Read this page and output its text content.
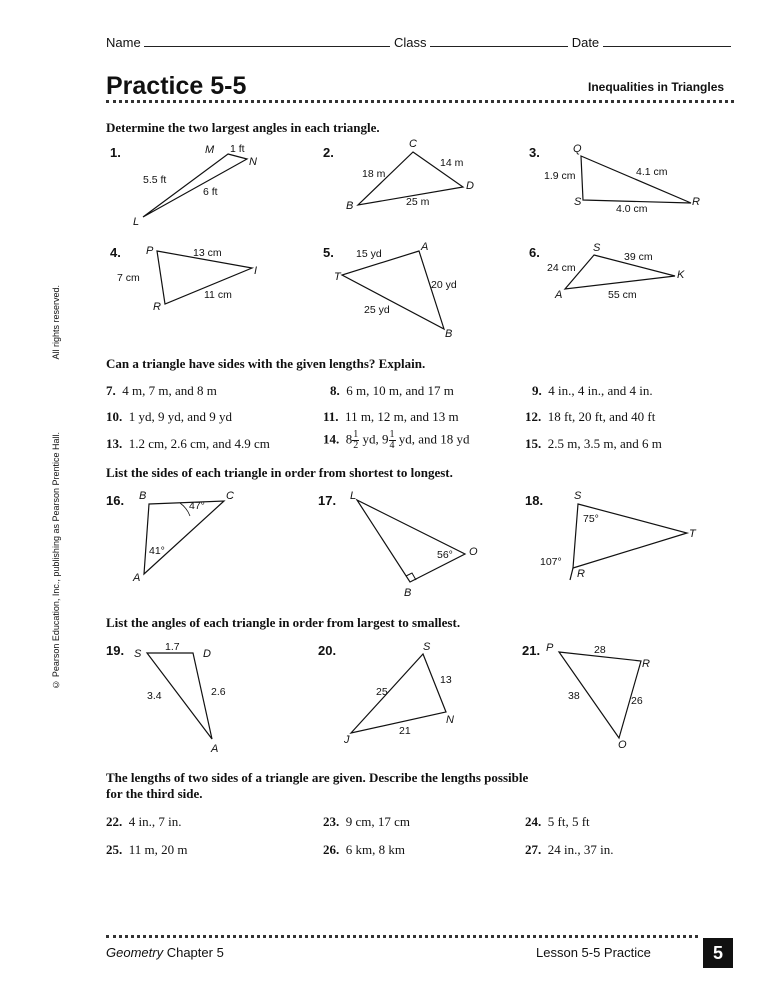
Name	Class	Date
Practice 5-5	Inequalities in Triangles
All rights reserved.
© Pearson Education, Inc., publishing as Pearson Prentice Hall.
Determine the two largest angles in each triangle.
1.	2.	3.
4.	5.	6.
M
N
L
1 ft
5.5 ft
6 ft
C
D
B
14 m
18 m
25 m
Q
S	R
1.9 cm	4.1 cm
4.0 cm
P
I
R
13 cm
7 cm
11 cm
A
T
B
15 yd
20 yd
25 yd
S
K
A
39 cm
24 cm
55 cm
Can a triangle have sides with the given lengths? Explain.
7. 4 m, 7 m, and 8 m	8. 6 m, 10 m, and 17 m	9. 4 in., 4 in., and 4 in.
10. 1 yd, 9 yd, and 9 yd	11. 11 m, 12 m, and 13 m	12. 18 ft, 20 ft, and 40 ft
13. 1.2 cm, 2.6 cm, and 4.9 cm	14. $8 \frac{1}{2}$ yd, $9 \frac{1}{4}$ yd, and 18 yd	15. 2.5 m, 3.5 m, and 6 m
List the sides of each triangle in order from shortest to longest.
16.	17.	18.
B	C
A
47°
41°
L
O
B
56°
S
T
R
75°
107°
List the angles of each triangle in order from largest to smallest.
19.	20.	21.
S	D
A
1.7
3.4	2.6
S
N
J
13
25
21
P
R
O
28
38	26
The lengths of two sides of a triangle are given. Describe the lengths possible
for the third side.
22. 4 in., 7 in.	23. 9 cm, 17 cm	24. 5 ft, 5 ft
25. 11 m, 20 m	26. 6 km, 8 km	27. 24 in., 37 in.
Geometry Chapter 5	Lesson 5-5 Practice	5
